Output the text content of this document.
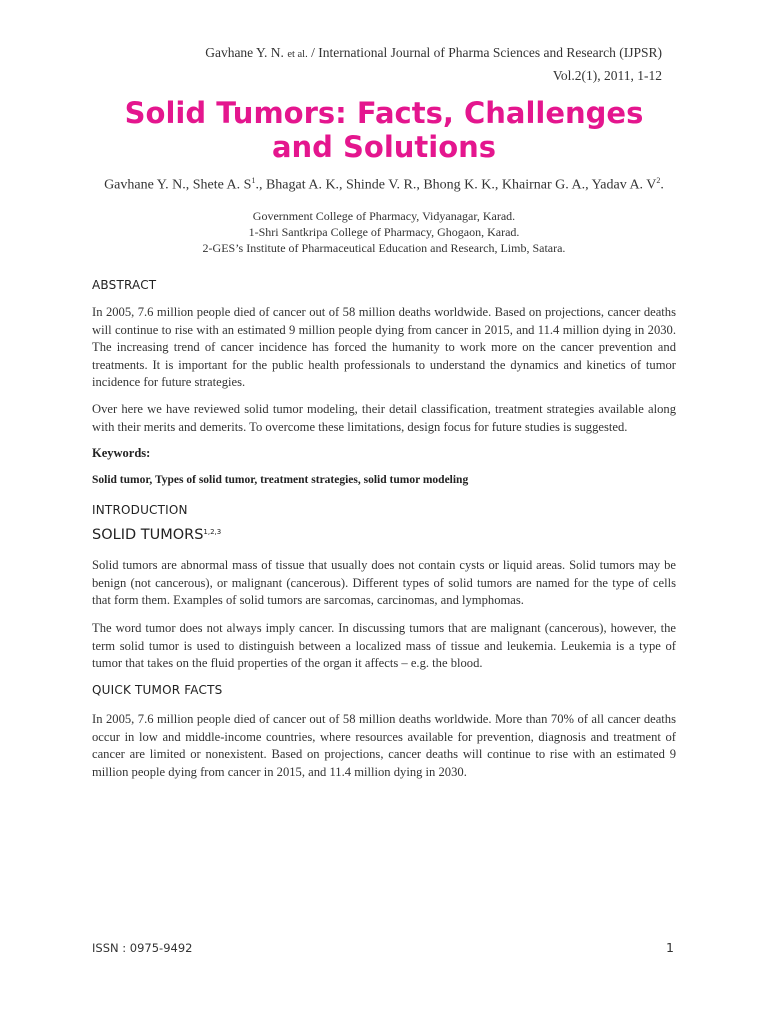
Gavhane Y. N. et al. / International Journal of Pharma Sciences and Research (IJPSR)
Vol.2(1), 2011, 1-12
Solid Tumors: Facts, Challenges
and Solutions
Gavhane Y. N., Shete A. $S^1$., Bhagat A. K., Shinde V. R., Bhong K. K., Khairnar G. A., Yadav A. $V^2$.
Government College of Pharmacy, Vidyanagar, Karad.
1-Shri Santkripa College of Pharmacy, Ghogaon, Karad.
2-GES’s Institute of Pharmaceutical Education and Research, Limb, Satara.
ABSTRACT

In 2005, 7.6 million people died of cancer out of 58 million deaths worldwide. Based on projections, cancer deaths will continue to rise with an estimated 9 million people dying from cancer in 2015, and 11.4 million dying in 2030. The increasing trend of cancer incidence has forced the humanity to work more on the cancer prevention and treatments. It is important for the public health professionals to understand the dynamics and kinetics of tumor incidence for future strategies.

Over here we have reviewed solid tumor modeling, their detail classification, treatment strategies available along with their merits and demerits. To overcome these limitations, design focus for future studies is suggested.

Keywords:
Solid tumor, Types of solid tumor, treatment strategies, solid tumor modeling
INTRODUCTION
SOLID TUMORS$^{1,2,3}$

Solid tumors are abnormal mass of tissue that usually does not contain cysts or liquid areas. Solid tumors may be benign (not cancerous), or malignant (cancerous). Different types of solid tumors are named for the type of cells that form them. Examples of solid tumors are sarcomas, carcinomas, and lymphomas.

The word tumor does not always imply cancer. In discussing tumors that are malignant (cancerous), however, the term solid tumor is used to distinguish between a localized mass of tissue and leukemia. Leukemia is a type of tumor that takes on the fluid properties of the organ it affects – e.g. the blood.

QUICK TUMOR FACTS

In 2005, 7.6 million people died of cancer out of 58 million deaths worldwide. More than 70% of all cancer deaths occur in low and middle-income countries, where resources available for prevention, diagnosis and treatment of cancer are limited or nonexistent. Based on projections, cancer deaths will continue to rise with an estimated 9 million people dying from cancer in 2015, and 11.4 million dying in 2030.

ISSN : 0975-9492	1
